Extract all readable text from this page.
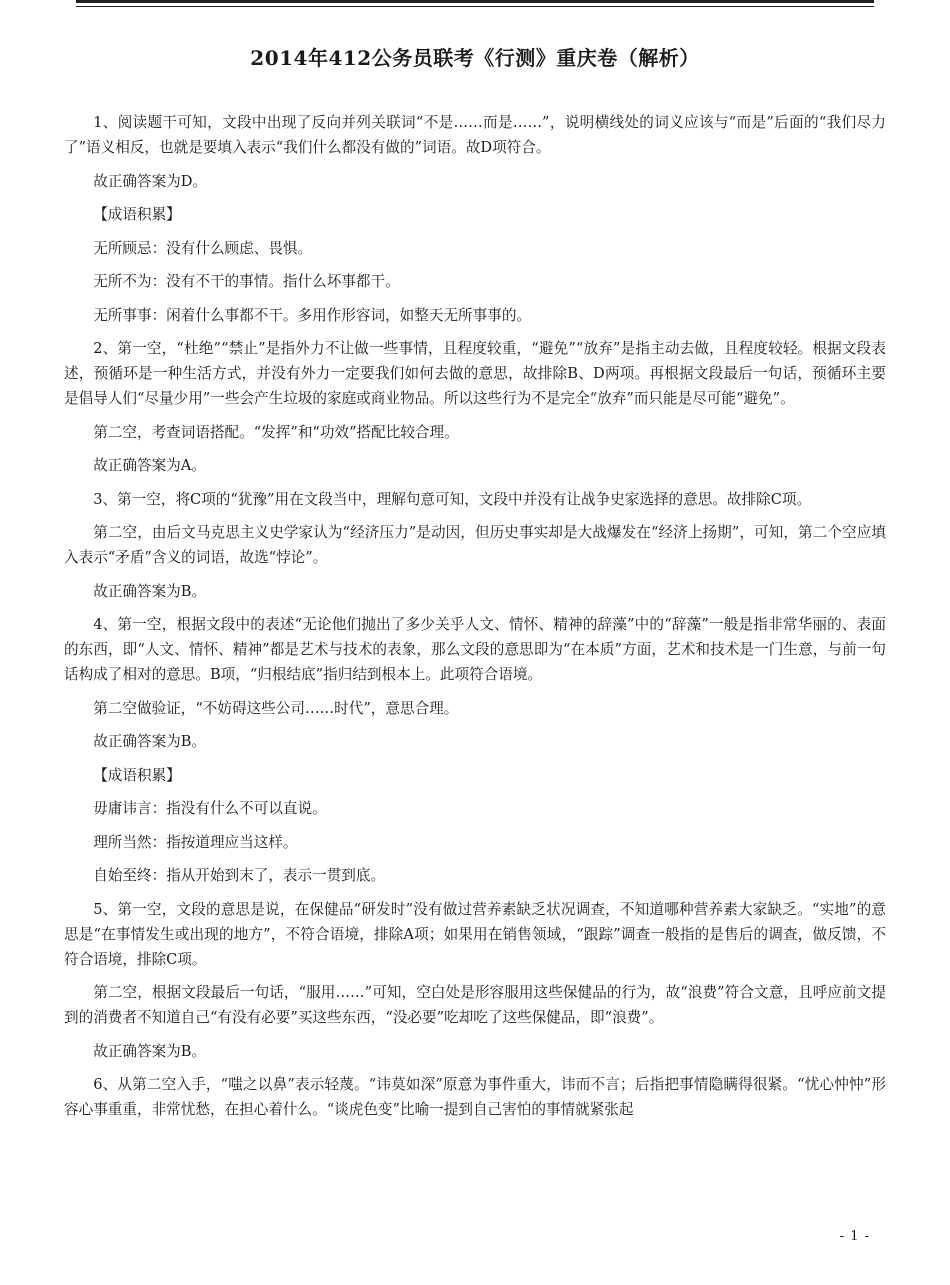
2014年412公务员联考《行测》重庆卷（解析）

1、阅读题干可知，文段中出现了反向并列关联词“不是……而是……”，说明横线处的词义应该与“而是”后面的“我们尽力了”语义相反，也就是要填入表示“我们什么都没有做的”词语。故D项符合。

故正确答案为D。

【成语积累】

无所顾忌：没有什么顾虑、畏惧。

无所不为：没有不干的事情。指什么坏事都干。

无所事事：闲着什么事都不干。多用作形容词，如整天无所事事的。

2、第一空，“杜绝”“禁止”是指外力不让做一些事情，且程度较重，“避免”“放弃”是指主动去做，且程度较轻。根据文段表述，预循环是一种生活方式，并没有外力一定要我们如何去做的意思，故排除B、D两项。再根据文段最后一句话，预循环主要是倡导人们“尽量少用”一些会产生垃圾的家庭或商业物品。所以这些行为不是完全“放弃”而只能是尽可能“避免”。

第二空，考查词语搭配。“发挥”和“功效”搭配比较合理。

故正确答案为A。

3、第一空，将C项的“犹豫”用在文段当中，理解句意可知，文段中并没有让战争史家选择的意思。故排除C项。

第二空，由后文马克思主义史学家认为“经济压力”是动因，但历史事实却是大战爆发在“经济上扬期”，可知，第二个空应填入表示“矛盾”含义的词语，故选“悖论”。

故正确答案为B。

4、第一空，根据文段中的表述“无论他们抛出了多少关乎人文、情怀、精神的辞藻”中的“辞藻”一般是指非常华丽的、表面的东西，即“人文、情怀、精神”都是艺术与技术的表象，那么文段的意思即为“在本质”方面，艺术和技术是一门生意，与前一句话构成了相对的意思。B项，“归根结底”指归结到根本上。此项符合语境。

第二空做验证，“不妨碍这些公司……时代”，意思合理。

故正确答案为B。

【成语积累】

毋庸讳言：指没有什么不可以直说。

理所当然：指按道理应当这样。

自始至终：指从开始到末了，表示一贯到底。

5、第一空，文段的意思是说，在保健品“研发时”没有做过营养素缺乏状况调查，不知道哪种营养素大家缺乏。“实地”的意思是“在事情发生或出现的地方”，不符合语境，排除A项；如果用在销售领域，“跟踪”调查一般指的是售后的调查，做反馈，不符合语境，排除C项。

第二空，根据文段最后一句话，“服用……”可知，空白处是形容服用这些保健品的行为，故“浪费”符合文意，且呼应前文提到的消费者不知道自己“有没有必要”买这些东西，“没必要”吃却吃了这些保健品，即“浪费”。

故正确答案为B。

6、从第二空入手，“嗤之以鼻”表示轻蔑。“讳莫如深”原意为事件重大，讳而不言；后指把事情隐瞒得很紧。“忧心忡忡”形容心事重重，非常忧愁，在担心着什么。“谈虎色变”比喻一提到自己害怕的事情就紧张起

- 1 -
